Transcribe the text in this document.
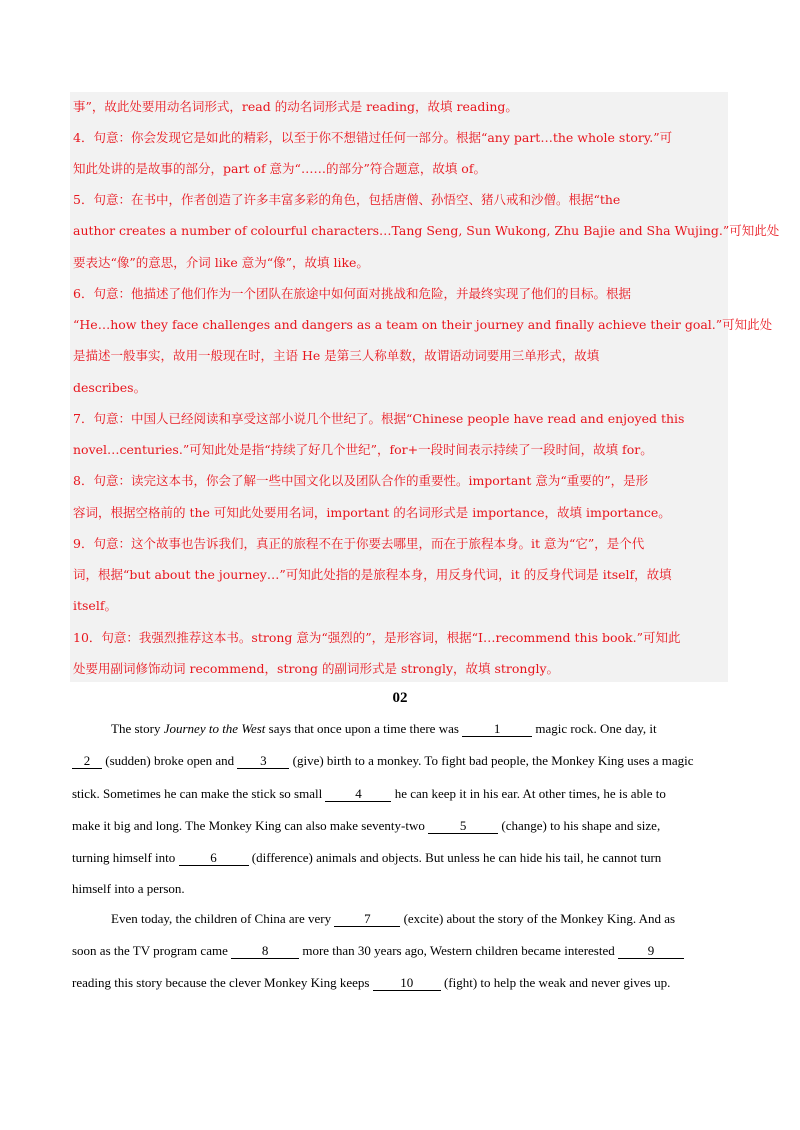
事”，故此处要用动名词形式，read 的动名词形式是 reading，故填 reading。
4．句意：你会发现它是如此的精彩，以至于你不想错过任何一部分。根据“any part…the whole story.”可
知此处讲的是故事的部分，part of 意为“……的部分”符合题意，故填 of。
5．句意：在书中，作者创造了许多丰富多彩的角色，包括唐僧、孙悟空、猪八戒和沙僧。根据“the
author creates a number of colourful characters…Tang Seng, Sun Wukong, Zhu Bajie and Sha Wujing.”可知此处
要表达“像”的意思，介词 like 意为“像”，故填 like。
6．句意：他描述了他们作为一个团队在旅途中如何面对挑战和危险，并最终实现了他们的目标。根据
“He…how they face challenges and dangers as a team on their journey and finally achieve their goal.”可知此处
是描述一般事实，故用一般现在时，主语 He 是第三人称单数，故谓语动词要用三单形式，故填
describes。
7．句意：中国人已经阅读和享受这部小说几个世纪了。根据“Chinese people have read and enjoyed this
novel…centuries.”可知此处是指“持续了好几个世纪”，for+一段时间表示持续了一段时间，故填 for。
8．句意：读完这本书，你会了解一些中国文化以及团队合作的重要性。important 意为“重要的”，是形
容词，根据空格前的 the 可知此处要用名词，important 的名词形式是 importance，故填 importance。
9．句意：这个故事也告诉我们，真正的旅程不在于你要去哪里，而在于旅程本身。it 意为“它”，是个代
词，根据“but about the journey…”可知此处指的是旅程本身，用反身代词，it 的反身代词是 itself，故填
itself。
10．句意：我强烈推荐这本书。strong 意为“强烈的”，是形容词，根据“I…recommend this book.”可知此
处要用副词修饰动词 recommend，strong 的副词形式是 strongly，故填 strongly。
02
The story Journey to the West says that once upon a time there was 1 magic rock. One day, it
2 (sudden) broke open and 3 (give) birth to a monkey. To fight bad people, the Monkey King uses a magic
stick. Sometimes he can make the stick so small 4 he can keep it in his ear. At other times, he is able to
make it big and long. The Monkey King can also make seventy-two 5 (change) to his shape and size,
turning himself into 6 (difference) animals and objects. But unless he can hide his tail, he cannot turn
himself into a person.
Even today, the children of China are very 7 (excite) about the story of the Monkey King. And as
soon as the TV program came 8 more than 30 years ago, Western children became interested 9
reading this story because the clever Monkey King keeps 10 (fight) to help the weak and never gives up.
